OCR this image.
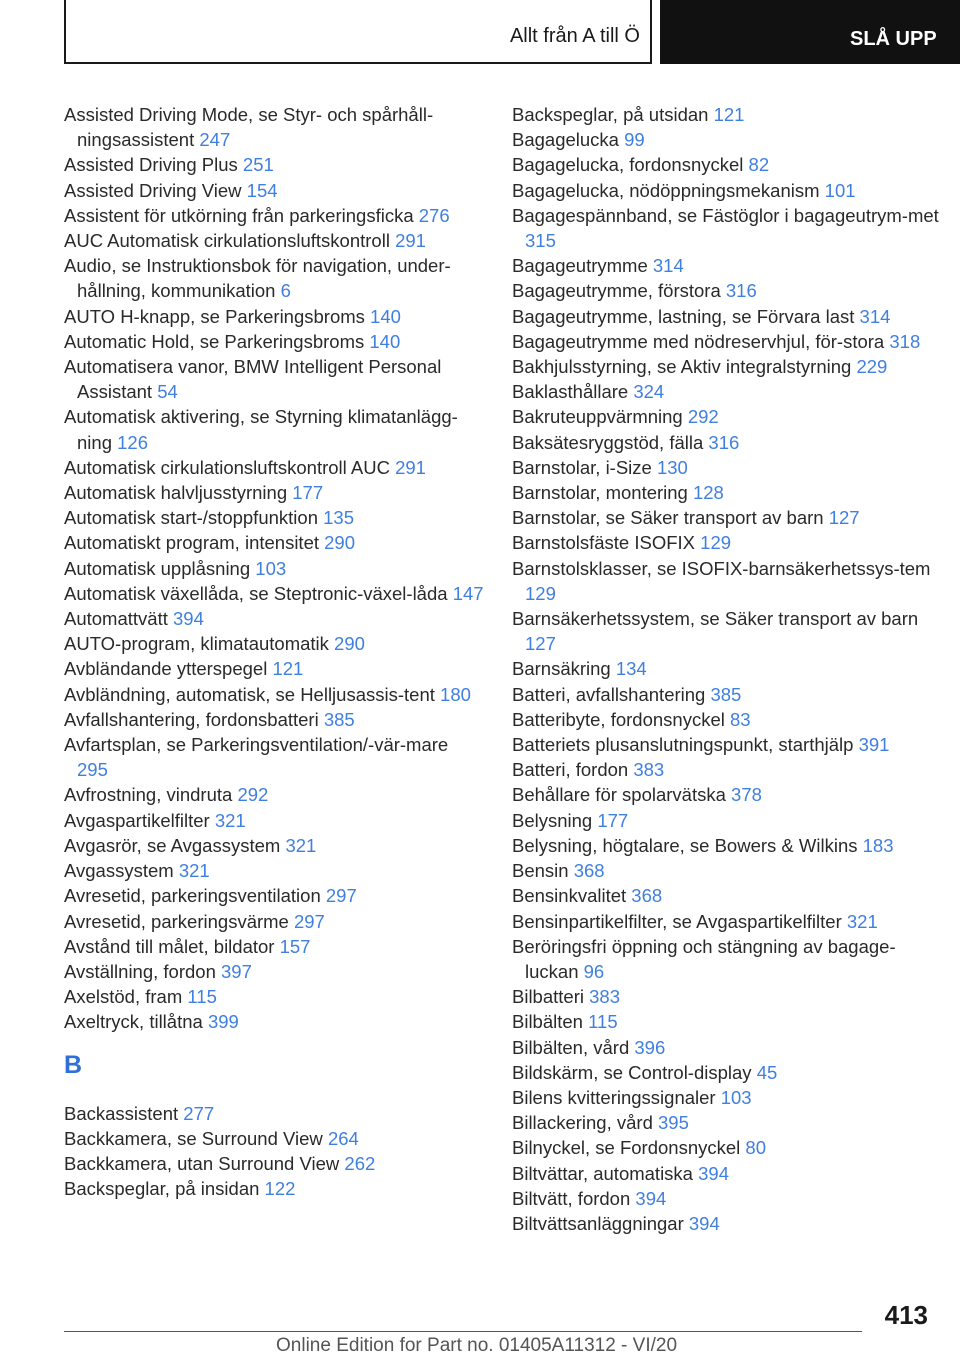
Allt från A till Ö	SLÅ UPP
Assisted Driving Mode, se Styr- och spårhåll-ningsassistent 247
Assisted Driving Plus 251
Assisted Driving View 154
Assistent för utkörning från parkeringsficka 276
AUC Automatisk cirkulationsluftskontroll 291
Audio, se Instruktionsbok för navigation, under-hållning, kommunikation 6
AUTO H-knapp, se Parkeringsbroms 140
Automatic Hold, se Parkeringsbroms 140
Automatisera vanor, BMW Intelligent Personal Assistant 54
Automatisk aktivering, se Styrning klimatanlägg-ning 126
Automatisk cirkulationsluftskontroll AUC 291
Automatisk halvljusstyrning 177
Automatisk start-/stoppfunktion 135
Automatiskt program, intensitet 290
Automatisk upplåsning 103
Automatisk växellåda, se Steptronic-växel-låda 147
Automattvätt 394
AUTO-program, klimatautomatik 290
Avbländande ytterspegel 121
Avbländning, automatisk, se Helljusassis-tent 180
Avfallshantering, fordonsbatteri 385
Avfartsplan, se Parkeringsventilation/-vär-mare 295
Avfrostning, vindruta 292
Avgaspartikelfilter 321
Avgasrör, se Avgassystem 321
Avgassystem 321
Avresetid, parkeringsventilation 297
Avresetid, parkeringsvärme 297
Avstånd till målet, bildator 157
Avställning, fordon 397
Axelstöd, fram 115
Axeltryck, tillåtna 399
B
Backassistent 277
Backkamera, se Surround View 264
Backkamera, utan Surround View 262
Backspeglar, på insidan 122
Backspeglar, på utsidan 121
Bagagelucka 99
Bagagelucka, fordonsnyckel 82
Bagagelucka, nödöppningsmekanism 101
Bagagespännband, se Fästöglor i bagageutrym-met 315
Bagageutrymme 314
Bagageutrymme, förstora 316
Bagageutrymme, lastning, se Förvara last 314
Bagageutrymme med nödreservhjul, för-stora 318
Bakhjulsstyrning, se Aktiv integralstyrning 229
Baklasthållare 324
Bakruteuppvärmning 292
Baksätesryggstöd, fälla 316
Barnstolar, i-Size 130
Barnstolar, montering 128
Barnstolar, se Säker transport av barn 127
Barnstolsfäste ISOFIX 129
Barnstolsklasser, se ISOFIX-barnsäkerhetssys-tem 129
Barnsäkerhetssystem, se Säker transport av barn 127
Barnsäkring 134
Batteri, avfallshantering 385
Batteribyte, fordonsnyckel 83
Batteriets plusanslutningspunkt, starthjälp 391
Batteri, fordon 383
Behållare för spolarvätska 378
Belysning 177
Belysning, högtalare, se Bowers & Wilkins 183
Bensin 368
Bensinkvalitet 368
Bensinpartikelfilter, se Avgaspartikelfilter 321
Beröringsfri öppning och stängning av bagage-luckan 96
Bilbatteri 383
Bilbälten 115
Bilbälten, vård 396
Bildskärm, se Control-display 45
Bilens kvitteringssignaler 103
Billackering, vård 395
Bilnyckel, se Fordonsnyckel 80
Biltvättar, automatiska 394
Biltvätt, fordon 394
Biltvättsanläggningar 394
413
Online Edition for Part no. 01405A11312 - VI/20
